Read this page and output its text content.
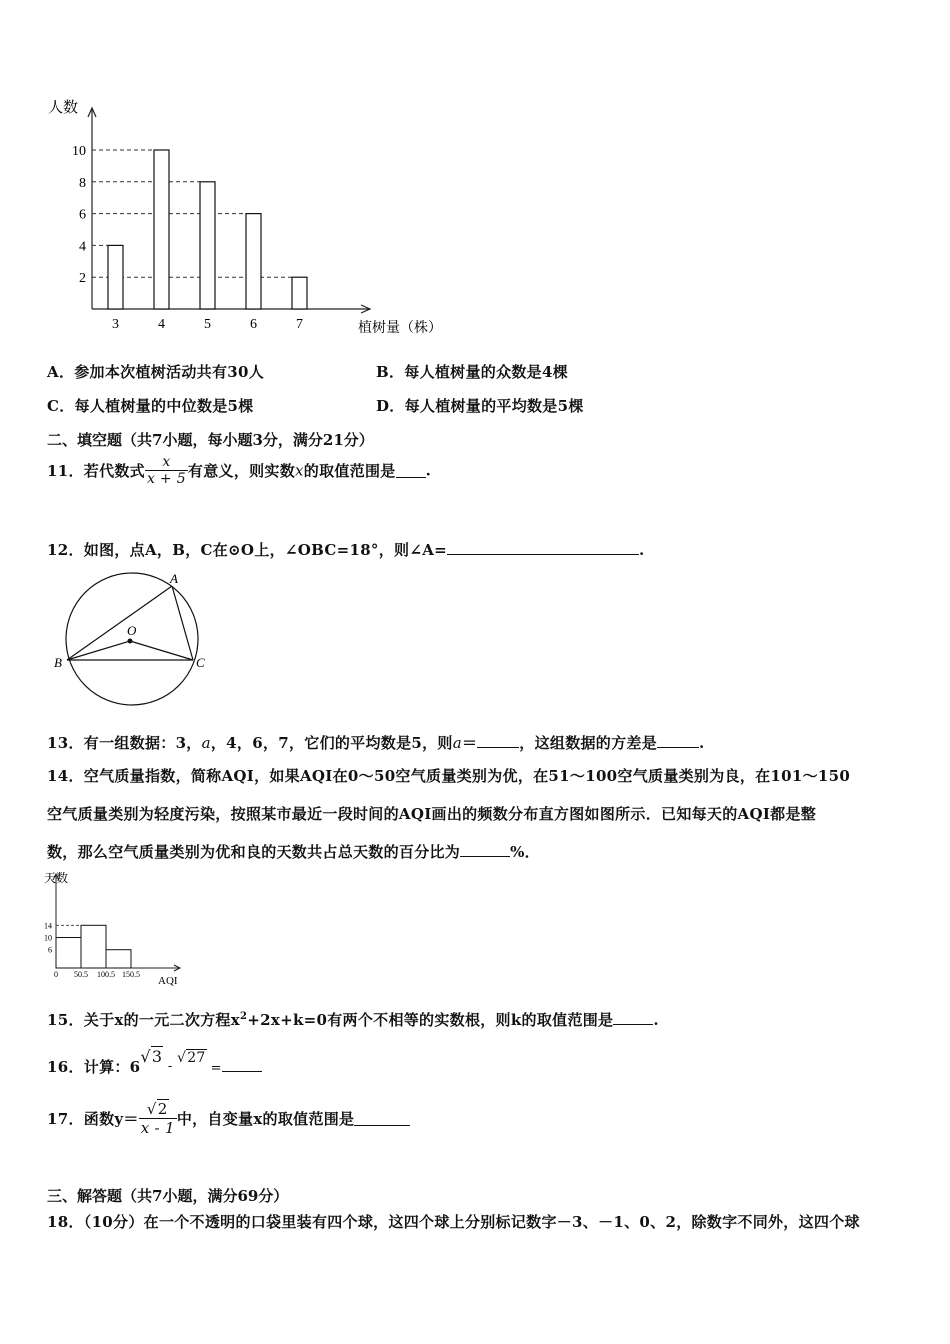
人数
2
4
6
8
10
3	4	5	6	7	植树量（株）
A．参加本次植树活动共有30人	B．每人植树量的众数是4棵
C．每人植树量的中位数是5棵	D．每人植树量的平均数是5棵
二、填空题（共7小题，每小题3分，满分21分）
11．若代数式 $\frac{x}{x + 5}$ 有意义，则实数x的取值范围是 .
12．如图，点A，B，C在⊙O上，∠OBC=18°，则∠A=	.
A
B	C
O
13．有一组数据：3，a，4，6，7，它们的平均数是5，则a＝	，这组数据的方差是	.
14．空气质量指数，简称AQI，如果AQI在0～50空气质量类别为优，在51～100空气质量类别为良，在101～150
空气质量类别为轻度污染，按照某市最近一段时间的AQI画出的频数分布直方图如图所示．已知每天的AQI都是整
数，那么空气质量类别为优和良的天数共占总天数的百分比为	%．
天数
6
10
14
0 50.5 100.5 150.5
AQI
15．关于x的一元二次方程$x^2+2x+k=0$有两个不相等的实数根，则k的取值范围是	.
16．计算：6√3 - √27=
17．函数$y= \frac{√2}{x - 1}$ 中，自变量x的取值范围是
三、解答题（共7小题，满分69分）
18．（10分）在一个不透明的口袋里装有四个球，这四个球上分别标记数字－3、－1、0、2，除数字不同外，这四个球
